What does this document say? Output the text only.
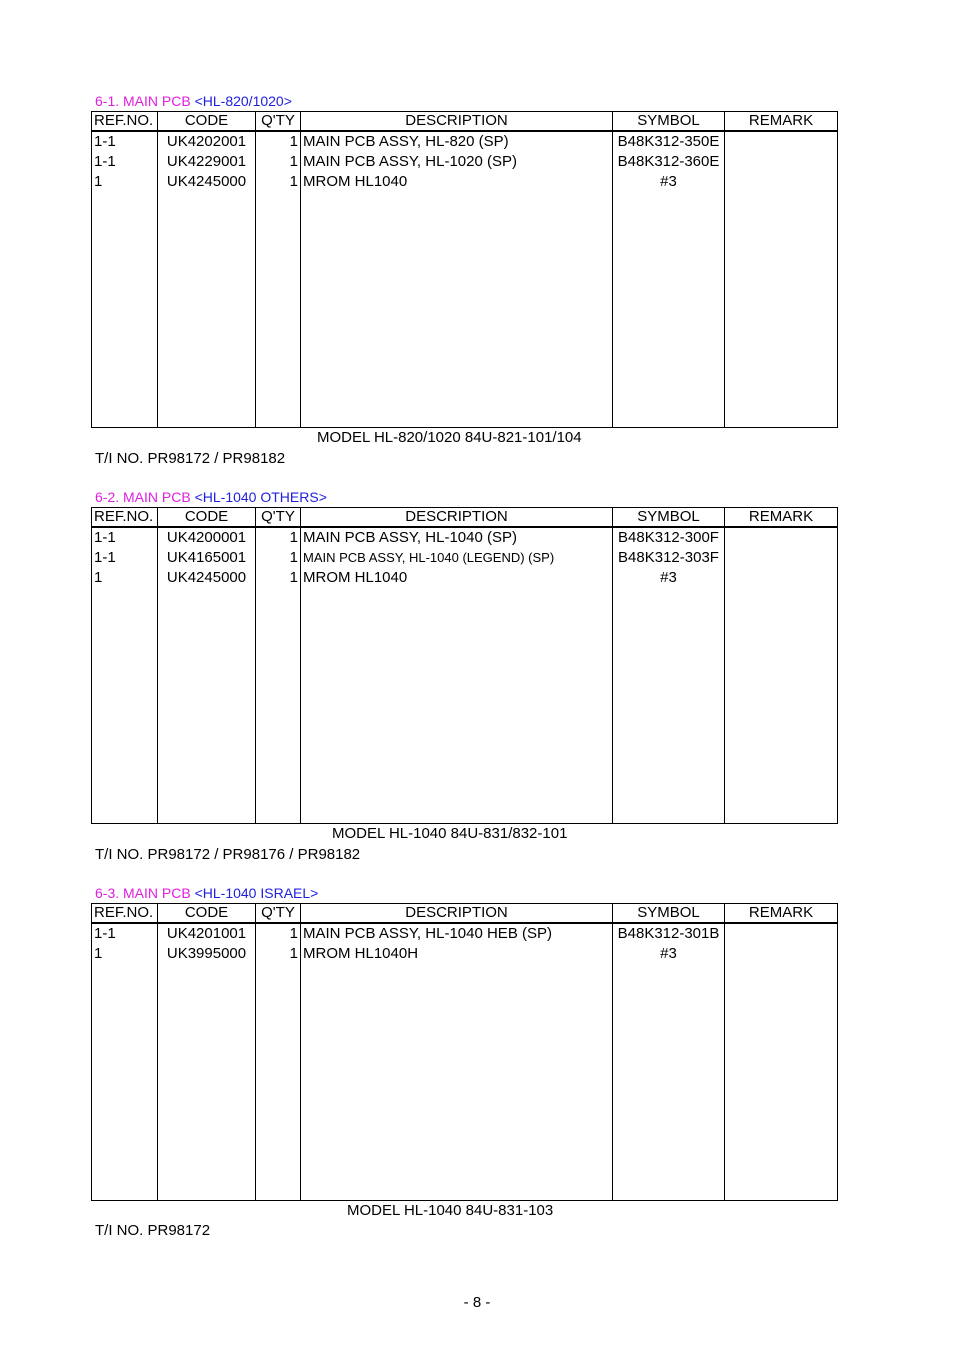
6-1. MAIN PCB <HL-820/1020>
REF.NO.	CODE	Q'TY	DESCRIPTION	SYMBOL	REMARK
1-1	UK4202001	1	MAIN PCB ASSY, HL-820 (SP)	B48K312-350E	
1-1	UK4229001	1	MAIN PCB ASSY, HL-1020 (SP)	B48K312-360E	
1	UK4245000	1	MROM HL1040	#3	

MODEL HL-820/1020 84U-821-101/104
T/I NO. PR98172 / PR98182
6-2. MAIN PCB <HL-1040 OTHERS>
REF.NO.	CODE	Q'TY	DESCRIPTION	SYMBOL	REMARK
1-1	UK4200001	1	MAIN PCB ASSY, HL-1040 (SP)	B48K312-300F	
1-1	UK4165001	1	MAIN PCB ASSY, HL-1040 (LEGEND) (SP)	B48K312-303F	
1	UK4245000	1	MROM HL1040	#3	

MODEL HL-1040 84U-831/832-101
T/I NO. PR98172 / PR98176 / PR98182
6-3. MAIN PCB <HL-1040 ISRAEL>
REF.NO.	CODE	Q'TY	DESCRIPTION	SYMBOL	REMARK
1-1	UK4201001	1	MAIN PCB ASSY, HL-1040 HEB (SP)	B48K312-301B	
1	UK3995000	1	MROM HL1040H	#3	

MODEL HL-1040 84U-831-103
T/I NO. PR98172
- 8 -
